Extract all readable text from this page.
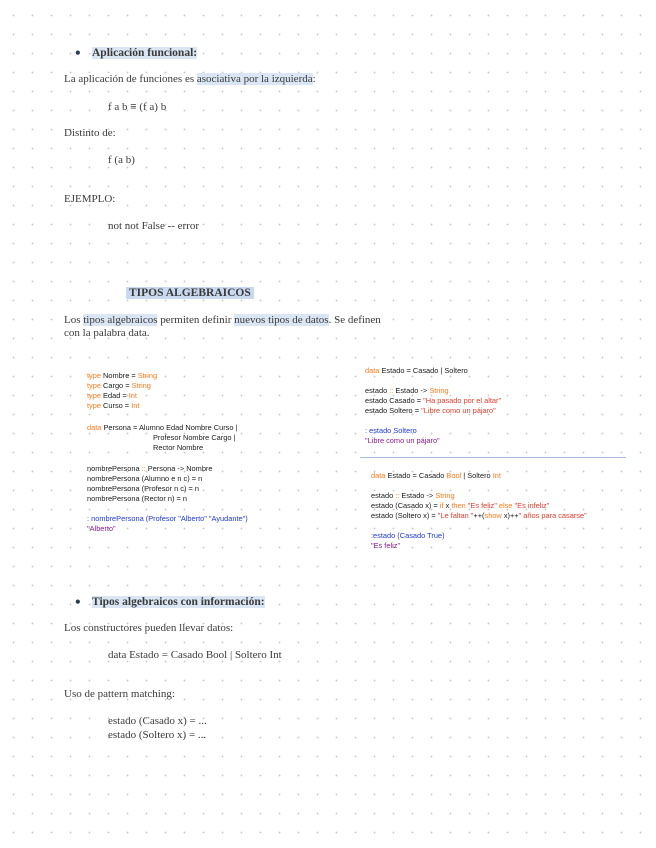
• Aplicación funcional:
La aplicación de funciones es asociativa por la izquierda:
f a b ≡ (f a) b
Distinto de:
f (a b)
EJEMPLO:
not not False -- error
TIPOS ALGEBRAICOS
Los tipos algebraicos permiten definir nuevos tipos de datos. Se definen
con la palabra data.
type Nombre = String
type Cargo = String
type Edad = Int
type Curso = Int
data Persona = Alumno Edad Nombre Curso |
Profesor Nombre Cargo |
Rector Nombre
nombrePersona :: Persona -> Nombre
nombrePersona (Alumno e n c) = n
nombrePersona (Profesor n c) = n
nombrePersona (Rector n) = n
: nombrePersona (Profesor "Alberto" "Ayudante")
"Alberto"
data Estado = Casado | Soltero
estado :: Estado -> String
estado Casado = "Ha pasado por el altar"
estado Soltero = "Libre como un pájaro"
: estado Soltero
"Libre como un pájaro"
data Estado = Casado Bool | Soltero Int
estado :: Estado -> String
estado (Casado x) = if x then "Es feliz" else "Es infeliz"
estado (Soltero x) = "Le faltan "++(show x)++" años para casarse"
:estado (Casado True)
"Es feliz"
• Tipos algebraicos con información:
Los constructores pueden llevar datos:
data Estado = Casado Bool | Soltero Int
Uso de pattern matching:
estado (Casado x) = ...
estado (Soltero x) = ...
